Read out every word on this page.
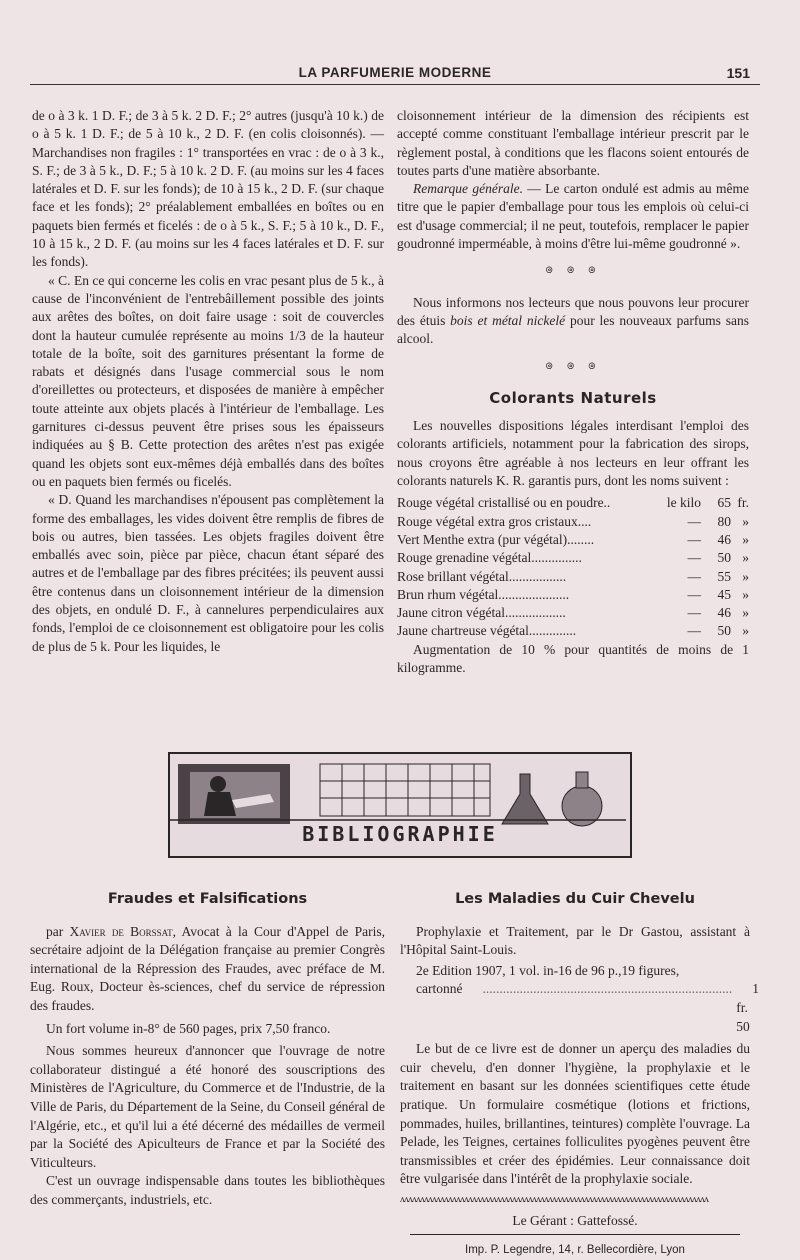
LA PARFUMERIE MODERNE	151

de o à 3 k. 1 D. F.; de 3 à 5 k. 2 D. F.; 2° autres (jusqu'à 10 k.) de o à 5 k. 1 D. F.; de 5 à 10 k., 2 D. F. (en colis cloisonnés). — Marchandises non fragiles : 1° transportées en vrac : de o à 3 k., S. F.; de 3 à 5 k., D. F.; 5 à 10 k. 2 D. F. (au moins sur les 4 faces latérales et D. F. sur les fonds); de 10 à 15 k., 2 D. F. (sur chaque face et les fonds); 2° préalablement emballées en boîtes ou en paquets bien fermés et ficelés : de o à 5 k., S. F.; 5 à 10 k., D. F., 10 à 15 k., 2 D. F. (au moins sur les 4 faces latérales et D. F. sur les fonds).

« C. En ce qui concerne les colis en vrac pesant plus de 5 k., à cause de l'inconvénient de l'entrebâillement possible des joints aux arêtes des boîtes, on doit faire usage : soit de couvercles dont la hauteur cumulée représente au moins 1/3 de la hauteur totale de la boîte, soit des garnitures présentant la forme de rabats et désignés dans l'usage commercial sous le nom d'oreillettes ou protecteurs, et disposées de manière à empêcher toute atteinte aux objets placés à l'intérieur de l'emballage. Les garnitures ci-dessus peuvent être prises sous les épaisseurs indiquées au § B. Cette protection des arêtes n'est pas exigée quand les objets sont eux-mêmes déjà emballés dans des boîtes ou en paquets bien fermés ou ficelés.

« D. Quand les marchandises n'épousent pas complètement la forme des emballages, les vides doivent être remplis de fibres de bois ou autres, bien tassées. Les objets fragiles doivent être emballés avec soin, pièce par pièce, chacun étant séparé des autres et de l'emballage par des fibres précitées; ils peuvent aussi être contenus dans un cloisonnement intérieur de la dimension des objets, en ondulé D. F., à cannelures perpendiculaires aux fonds, l'emploi de ce cloisonnement est obligatoire pour les colis de plus de 5 k. Pour les liquides, le

cloisonnement intérieur de la dimension des récipients est accepté comme constituant l'emballage intérieur prescrit par le règlement postal, à conditions que les flacons soient entourés de toutes parts d'une matière absorbante.

Remarque générale. — Le carton ondulé est admis au même titre que le papier d'emballage pour tous les emplois où celui-ci est d'usage commercial; il ne peut, toutefois, remplacer le papier goudronné imperméable, à moins d'être lui-même goudronné ».

ၜ ၜ ၜ

Nous informons nos lecteurs que nous pouvons leur procurer des étuis bois et métal nickelé pour les nouveaux parfums sans alcool.

ၜ ၜ ၜ
Colorants Naturels

Les nouvelles dispositions légales interdisant l'emploi des colorants artificiels, notamment pour la fabrication des sirops, nous croyons être agréable à nos lecteurs en leur offrant les colorants naturels K. R. garantis purs, dont les noms suivent :

Rouge végétal cristallisé ou en poudre..	le kilo	65	fr.
Rouge végétal extra gros cristaux....	—	80	»
Vert Menthe extra (pur végétal)........	—	46	»
Rouge grenadine végétal...............	—	50	»
Rose brillant végétal.................	—	55	»
Brun rhum végétal.....................	—	45	»
Jaune citron végétal..................	—	46	»
Jaune chartreuse végétal..............	—	50	»

Augmentation de 10 % pour quantités de moins de 1 kilogramme.

BIBLIOGRAPHIE
Fraudes et Falsifications

par Xavier de Borssat, Avocat à la Cour d'Appel de Paris, secrétaire adjoint de la Délégation française au premier Congrès international de la Répression des Fraudes, avec préface de M. Eug. Roux, Docteur ès-sciences, chef du service de répression des fraudes.

Un fort volume in-8° de 560 pages, prix 7,50 franco.

Nous sommes heureux d'annoncer que l'ouvrage de notre collaborateur distingué a été honoré des souscriptions des Ministères de l'Agriculture, du Commerce et de l'Industrie, de la Ville de Paris, du Département de la Seine, du Conseil général de l'Algérie, etc., et qu'il lui a été décerné des médailles de vermeil par la Société des Apiculteurs de France et par la Société des Viticulteurs.

C'est un ouvrage indispensable dans toutes les bibliothèques des commerçants, industriels, etc.

Les Maladies du Cuir Chevelu

Prophylaxie et Traitement, par le Dr Gastou, assistant à l'Hôpital Saint-Louis.

2e Edition 1907, 1 vol. in-16 de 96 p.,19 figures,

cartonné	..........................................................................	1 fr. 50

Le but de ce livre est de donner un aperçu des maladies du cuir chevelu, d'en donner l'hygiène, la prophylaxie et le traitement en basant sur les données scientifiques cette étude pratique. Un formulaire cosmétique (lotions et frictions, pommades, huiles, brillantines, teintures) complète l'ouvrage. La Pelade, les Teignes, certaines folliculites pyogènes peuvent être transmissibles et créer des épidémies. Leur connaissance doit être vulgarisée dans l'intérêt de la prophylaxie sociale.

ᴧᴧᴧᴧᴧᴧᴧᴧᴧᴧᴧᴧᴧᴧᴧᴧᴧᴧᴧᴧᴧᴧᴧᴧᴧᴧᴧᴧᴧᴧᴧᴧᴧᴧᴧᴧᴧᴧᴧᴧᴧᴧᴧᴧᴧᴧᴧᴧᴧᴧᴧᴧᴧᴧᴧᴧᴧᴧᴧᴧᴧᴧᴧᴧᴧᴧᴧᴧᴧᴧᴧᴧᴧᴧᴧᴧᴧ
Le Gérant : Gattefossé.
Imp. P. Legendre, 14, r. Bellecordière, Lyon
